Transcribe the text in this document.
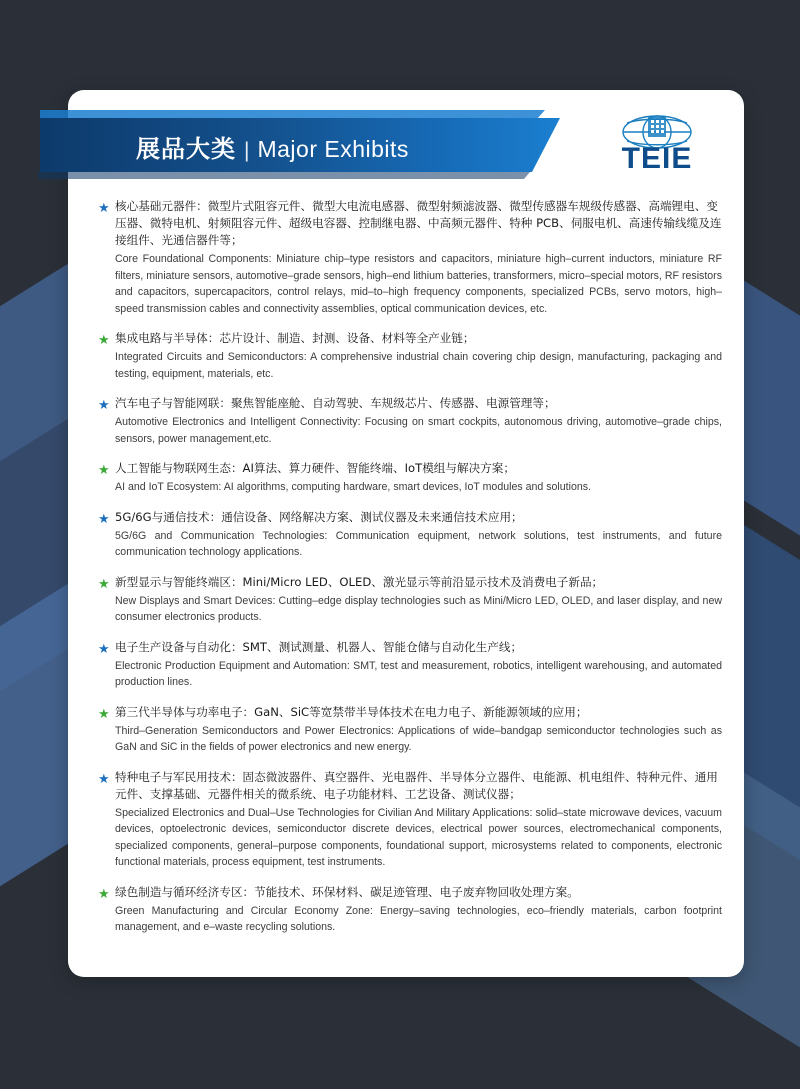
展品大类 | Major Exhibits	TEIE
★ 核心基础元器件：微型片式阻容元件、微型大电流电感器、微型射频滤波器、微型传感器车规级传感器、高端锂电、变压器、微特电机、射频阻容元件、超级电容器、控制继电器、中高频元器件、特种 PCB、伺服电机、高速传输线缆及连接组件、光通信器件等；
Core Foundational Components: Miniature chip–type resistors and capacitors, miniature high–current inductors, miniature RF filters, miniature sensors, automotive–grade sensors, high–end lithium batteries, transformers, micro–special motors, RF resistors and capacitors, supercapacitors, control relays, mid–to–high frequency components, specialized PCBs, servo motors, high–speed transmission cables and connectivity assemblies, optical communication devices, etc.
★ 集成电路与半导体：芯片设计、制造、封测、设备、材料等全产业链；
Integrated Circuits and Semiconductors: A comprehensive industrial chain covering chip design, manufacturing, packaging and testing, equipment, materials, etc.
★ 汽车电子与智能网联：聚焦智能座舱、自动驾驶、车规级芯片、传感器、电源管理等；
Automotive Electronics and Intelligent Connectivity: Focusing on smart cockpits, autonomous driving, automotive–grade chips, sensors, power management,etc.
★ 人工智能与物联网生态：AI算法、算力硬件、智能终端、IoT模组与解决方案；
AI and IoT Ecosystem: AI algorithms, computing hardware, smart devices, IoT modules and solutions.
★ 5G/6G与通信技术：通信设备、网络解决方案、测试仪器及未来通信技术应用；
5G/6G and Communication Technologies: Communication equipment, network solutions, test instruments, and future communication technology applications.
★ 新型显示与智能终端区：Mini/Micro LED、OLED、激光显示等前沿显示技术及消费电子新品；
New Displays and Smart Devices: Cutting–edge display technologies such as Mini/Micro LED, OLED, and laser display, and new consumer electronics products.
★ 电子生产设备与自动化：SMT、测试测量、机器人、智能仓储与自动化生产线；
Electronic Production Equipment and Automation: SMT, test and measurement, robotics, intelligent warehousing, and automated production lines.
★ 第三代半导体与功率电子：GaN、SiC等宽禁带半导体技术在电力电子、新能源领域的应用；
Third–Generation Semiconductors and Power Electronics: Applications of wide–bandgap semiconductor technologies such as GaN and SiC in the fields of power electronics and new energy.
★ 特种电子与军民用技术：固态微波器件、真空器件、光电器件、半导体分立器件、电能源、机电组件、特种元件、通用元件、支撑基础、元器件相关的微系统、电子功能材料、工艺设备、测试仪器；
Specialized Electronics and Dual–Use Technologies for Civilian And Military Applications: solid–state microwave devices, vacuum devices, optoelectronic devices, semiconductor discrete devices, electrical power sources, electromechanical components, specialized components, general–purpose components, foundational support, microsystems related to components, electronic functional materials, process equipment, test instruments.
★ 绿色制造与循环经济专区：节能技术、环保材料、碳足迹管理、电子废弃物回收处理方案。
Green Manufacturing and Circular Economy Zone: Energy–saving technologies, eco–friendly materials, carbon footprint management, and e–waste recycling solutions.
